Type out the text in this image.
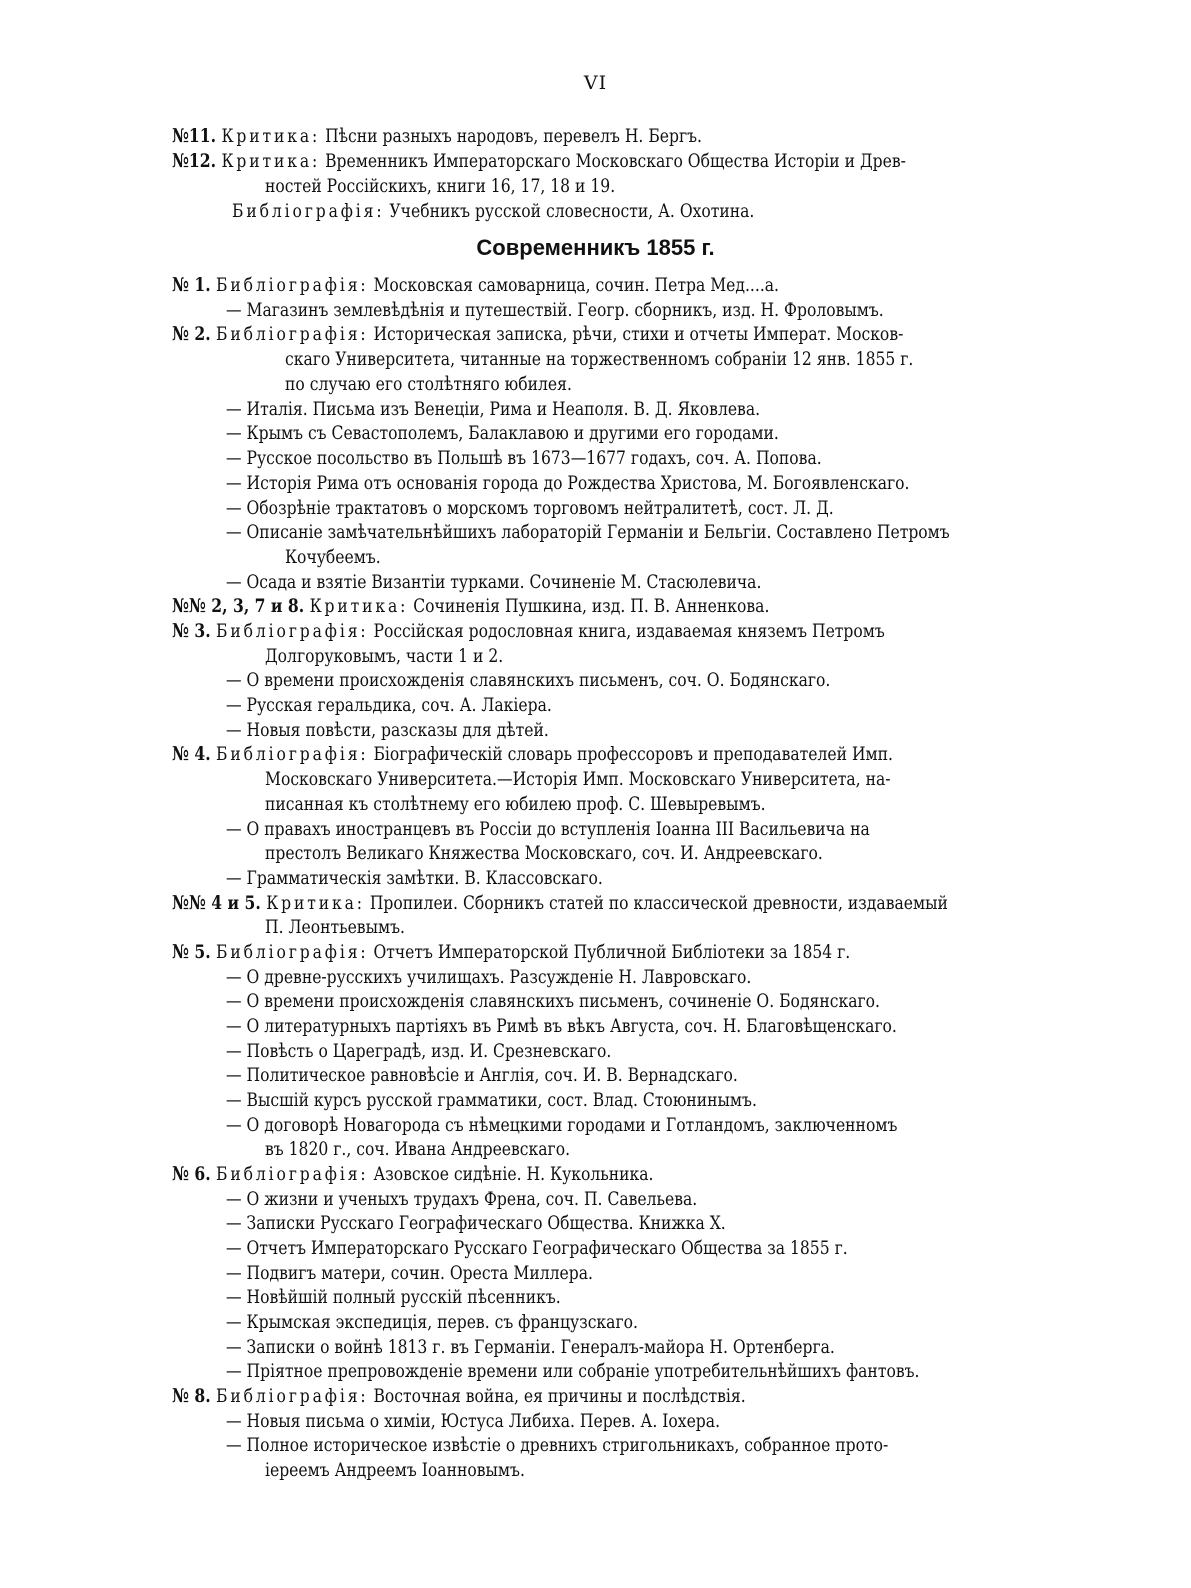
VI
Современникъ 1855 г.
№11. Критика: Пѣсни разныхъ народовъ, перевелъ Н. Бергъ.
№12. Критика: Временникъ Императорскаго Московскаго Общества Исторіи и Древ-
ностей Россійскихъ, книги 16, 17, 18 и 19.
Библіографія: Учебникъ русской словесности, А. Охотина.
№ 1. Библіографія: Московская самоварница, сочин. Петра Мед....а.
— Магазинъ землевѣдѣнія и путешествій. Геогр. сборникъ, изд. Н. Фроловымъ.
№ 2. Библіографія: Историческая записка, рѣчи, стихи и отчеты Императ. Москов-
скаго Университета, читанные на торжественномъ собраніи 12 янв. 1855 г.
по случаю его столѣтняго юбилея.
— Италія. Письма изъ Венеціи, Рима и Неаполя. В. Д. Яковлева.
— Крымъ съ Севастополемъ, Балаклавою и другими его городами.
— Русское посольство въ Польшѣ въ 1673—1677 годахъ, соч. А. Попова.
— Исторія Рима отъ основанія города до Рождества Христова, М. Богоявленскаго.
— Обозрѣніе трактатовъ о морскомъ торговомъ нейтралитетѣ, сост. Л. Д.
— Описаніе замѣчательнѣйшихъ лабораторій Германіи и Бельгіи. Составлено Петромъ
Кочубеемъ.
— Осада и взятіе Византіи турками. Сочиненіе М. Стасюлевича.
№№ 2, 3, 7 и 8. Критика: Сочиненія Пушкина, изд. П. В. Анненкова.
№ 3. Библіографія: Россійская родословная книга, издаваемая княземъ Петромъ
Долгоруковымъ, части 1 и 2.
— О времени происхожденія славянскихъ письменъ, соч. О. Бодянскаго.
— Русская геральдика, соч. А. Лакіера.
— Новыя повѣсти, разсказы для дѣтей.
№ 4. Библіографія: Біографическій словарь профессоровъ и преподавателей Имп.
Московскаго Университета.—Исторія Имп. Московскаго Университета, на-
писанная къ столѣтнему его юбилею проф. С. Шевыревымъ.
— О правахъ иностранцевъ въ Россіи до вступленія Іоанна III Васильевича на
престолъ Великаго Княжества Московскаго, соч. И. Андреевскаго.
— Грамматическія замѣтки. В. Классовскаго.
№№ 4 и 5. Критика: Пропилеи. Сборникъ статей по классической древности, издаваемый
П. Леонтьевымъ.
№ 5. Библіографія: Отчетъ Императорской Публичной Библіотеки за 1854 г.
— О древне-русскихъ училищахъ. Разсужденіе Н. Лавровскаго.
— О времени происхожденія славянскихъ письменъ, сочиненіе О. Бодянскаго.
— О литературныхъ партіяхъ въ Римѣ въ вѣкъ Августа, соч. Н. Благовѣщенскаго.
— Повѣсть о Цареградѣ, изд. И. Срезневскаго.
— Политическое равновѣсіе и Англія, соч. И. В. Вернадскаго.
— Высшій курсъ русской грамматики, сост. Влад. Стоюнинымъ.
— О договорѣ Новагорода съ нѣмецкими городами и Готландомъ, заключенномъ
въ 1820 г., соч. Ивана Андреевскаго.
№ 6. Библіографія: Азовское сидѣніе. Н. Кукольника.
— О жизни и ученыхъ трудахъ Френа, соч. П. Савельева.
— Записки Русскаго Географическаго Общества. Книжка X.
— Отчетъ Императорскаго Русскаго Географическаго Общества за 1855 г.
— Подвигъ матери, сочин. Ореста Миллера.
— Новѣйшій полный русскій пѣсенникъ.
— Крымская экспедиція, перев. съ французскаго.
— Записки о войнѣ 1813 г. въ Германіи. Генералъ-майора Н. Ортенберга.
— Пріятное препровожденіе времени или собраніе употребительнѣйшихъ фантовъ.
№ 8. Библіографія: Восточная война, ея причины и послѣдствія.
— Новыя письма о химіи, Юстуса Либиха. Перев. А. Іохера.
— Полное историческое извѣстіе о древнихъ стригольникахъ, собранное прото-
іереемъ Андреемъ Іоанновымъ.
